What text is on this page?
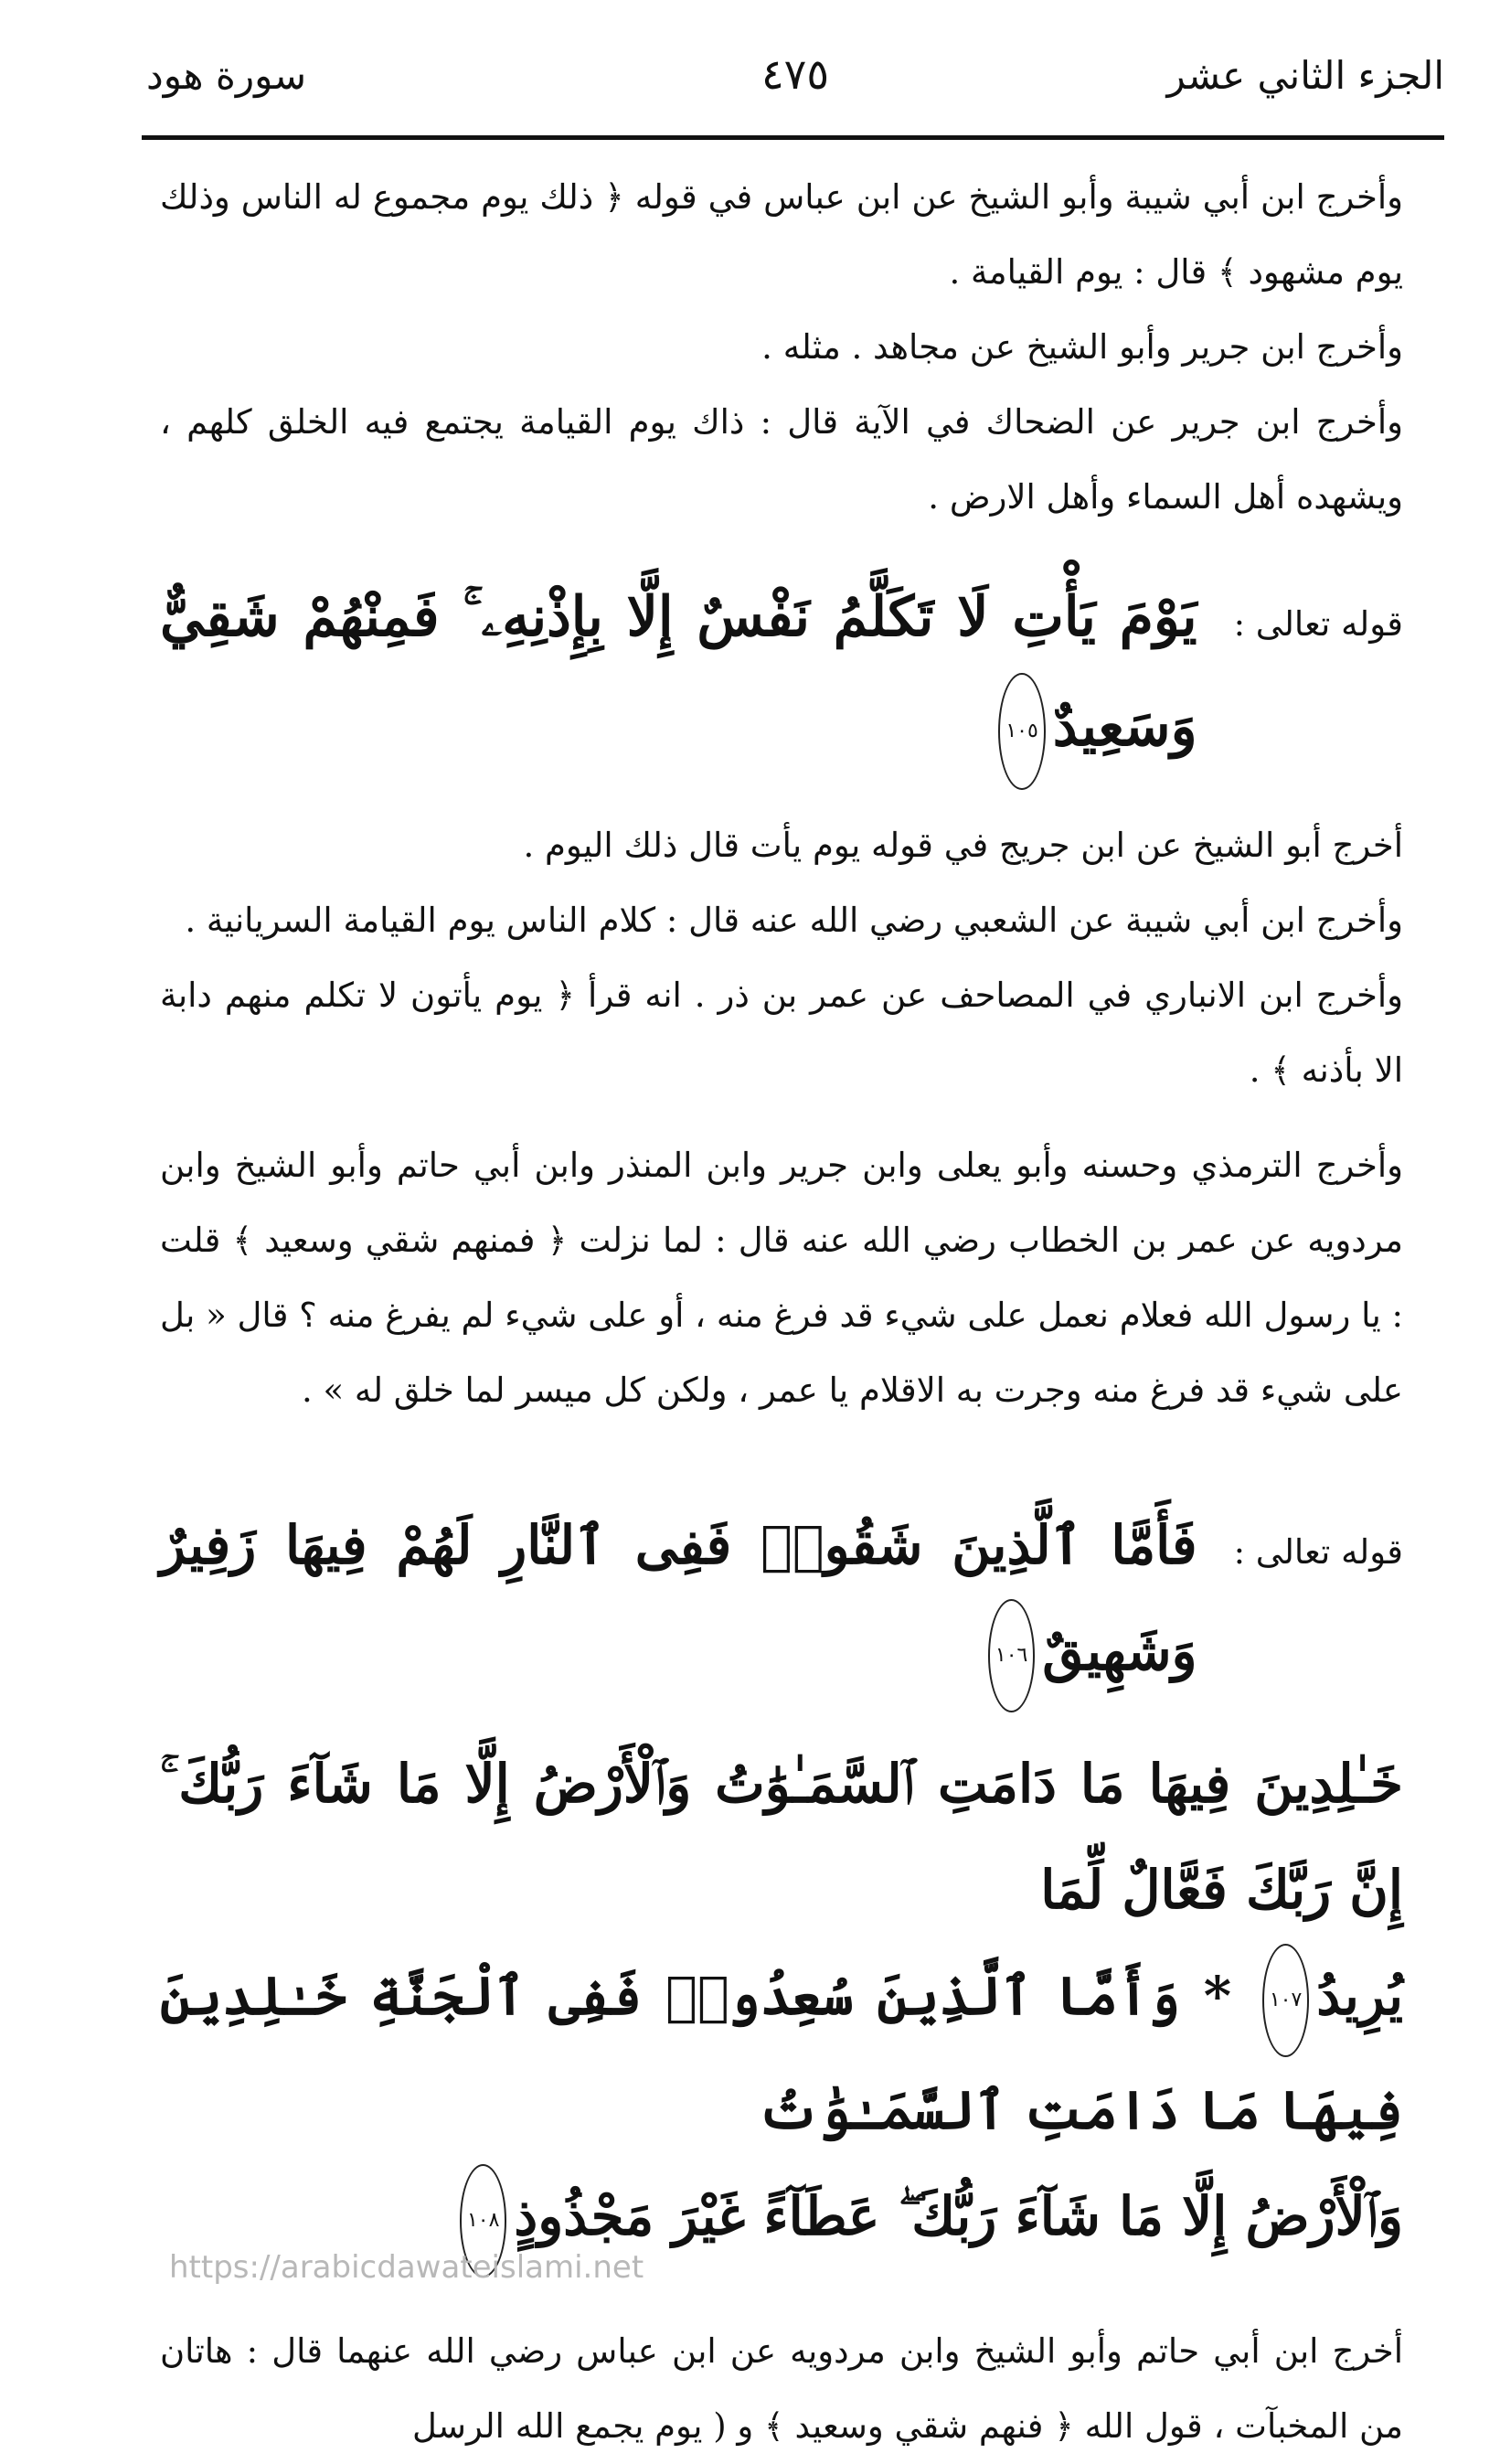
الجزء الثاني عشر
٤٧٥
سورة هود

وأخرج ابن أبي شيبة وأبو الشيخ عن ابن عباس في قوله ﴿ ذلك يوم مجموع له الناس وذلك يوم مشهود ﴾ قال : يوم القيامة .

وأخرج ابن جرير وأبو الشيخ عن مجاهد . مثله .

وأخرج ابن جرير عن الضحاك في الآية قال : ذاك يوم القيامة يجتمع فيه الخلق كلهم ، ويشهده أهل السماء وأهل الارض .

قوله تعالى :
يَوْمَ يَأْتِ لَا تَكَلَّمُ نَفْسٌ إِلَّا بِإِذْنِهِۦ ۚ فَمِنْهُمْ شَقِيٌّ وَسَعِيدٌ١٠٥

أخرج أبو الشيخ عن ابن جريج في قوله يوم يأت قال ذلك اليوم .

وأخرج ابن أبي شيبة عن الشعبي رضي الله عنه قال : كلام الناس يوم القيامة السريانية .

وأخرج ابن الانباري في المصاحف عن عمر بن ذر . انه قرأ ﴿ يوم يأتون لا تكلم منهم دابة الا بأذنه ﴾ .

وأخرج الترمذي وحسنه وأبو يعلى وابن جرير وابن المنذر وابن أبي حاتم وأبو الشيخ وابن مردويه عن عمر بن الخطاب رضي الله عنه قال : لما نزلت ﴿ فمنهم شقي وسعيد ﴾ قلت : يا رسول الله فعلام نعمل على شيء قد فرغ منه ، أو على شيء لم يفرغ منه ؟ قال « بل على شيء قد فرغ منه وجرت به الاقلام يا عمر ، ولكن كل ميسر لما خلق له » .

قوله تعالى :
فَأَمَّا ٱلَّذِينَ شَقُوا۟ فَفِى ٱلنَّارِ لَهُمْ فِيهَا زَفِيرٌ وَشَهِيقٌ١٠٦

خَـٰلِدِينَ فِيهَا مَا دَامَتِ ٱلسَّمَـٰوَٰتُ وَٱلْأَرْضُ إِلَّا مَا شَآءَ رَبُّكَ ۚ إِنَّ رَبَّكَ فَعَّالٌ لِّمَا

يُرِيدُ١٠٧ * وَأَمَّا ٱلَّذِينَ سُعِدُوا۟ فَفِى ٱلْجَنَّةِ خَـٰلِدِينَ فِيهَا مَا دَامَتِ ٱلسَّمَـٰوَٰتُ

وَٱلْأَرْضُ إِلَّا مَا شَآءَ رَبُّكَ ۖ عَطَآءً غَيْرَ مَجْذُوذٍ١٠٨

أخرج ابن أبي حاتم وأبو الشيخ وابن مردويه عن ابن عباس رضي الله عنهما قال : هاتان من المخبآت ، قول الله ﴿ فنهم شقي وسعيد ﴾ و ( يوم يجمع الله الرسل

https://arabicdawateislami.net
